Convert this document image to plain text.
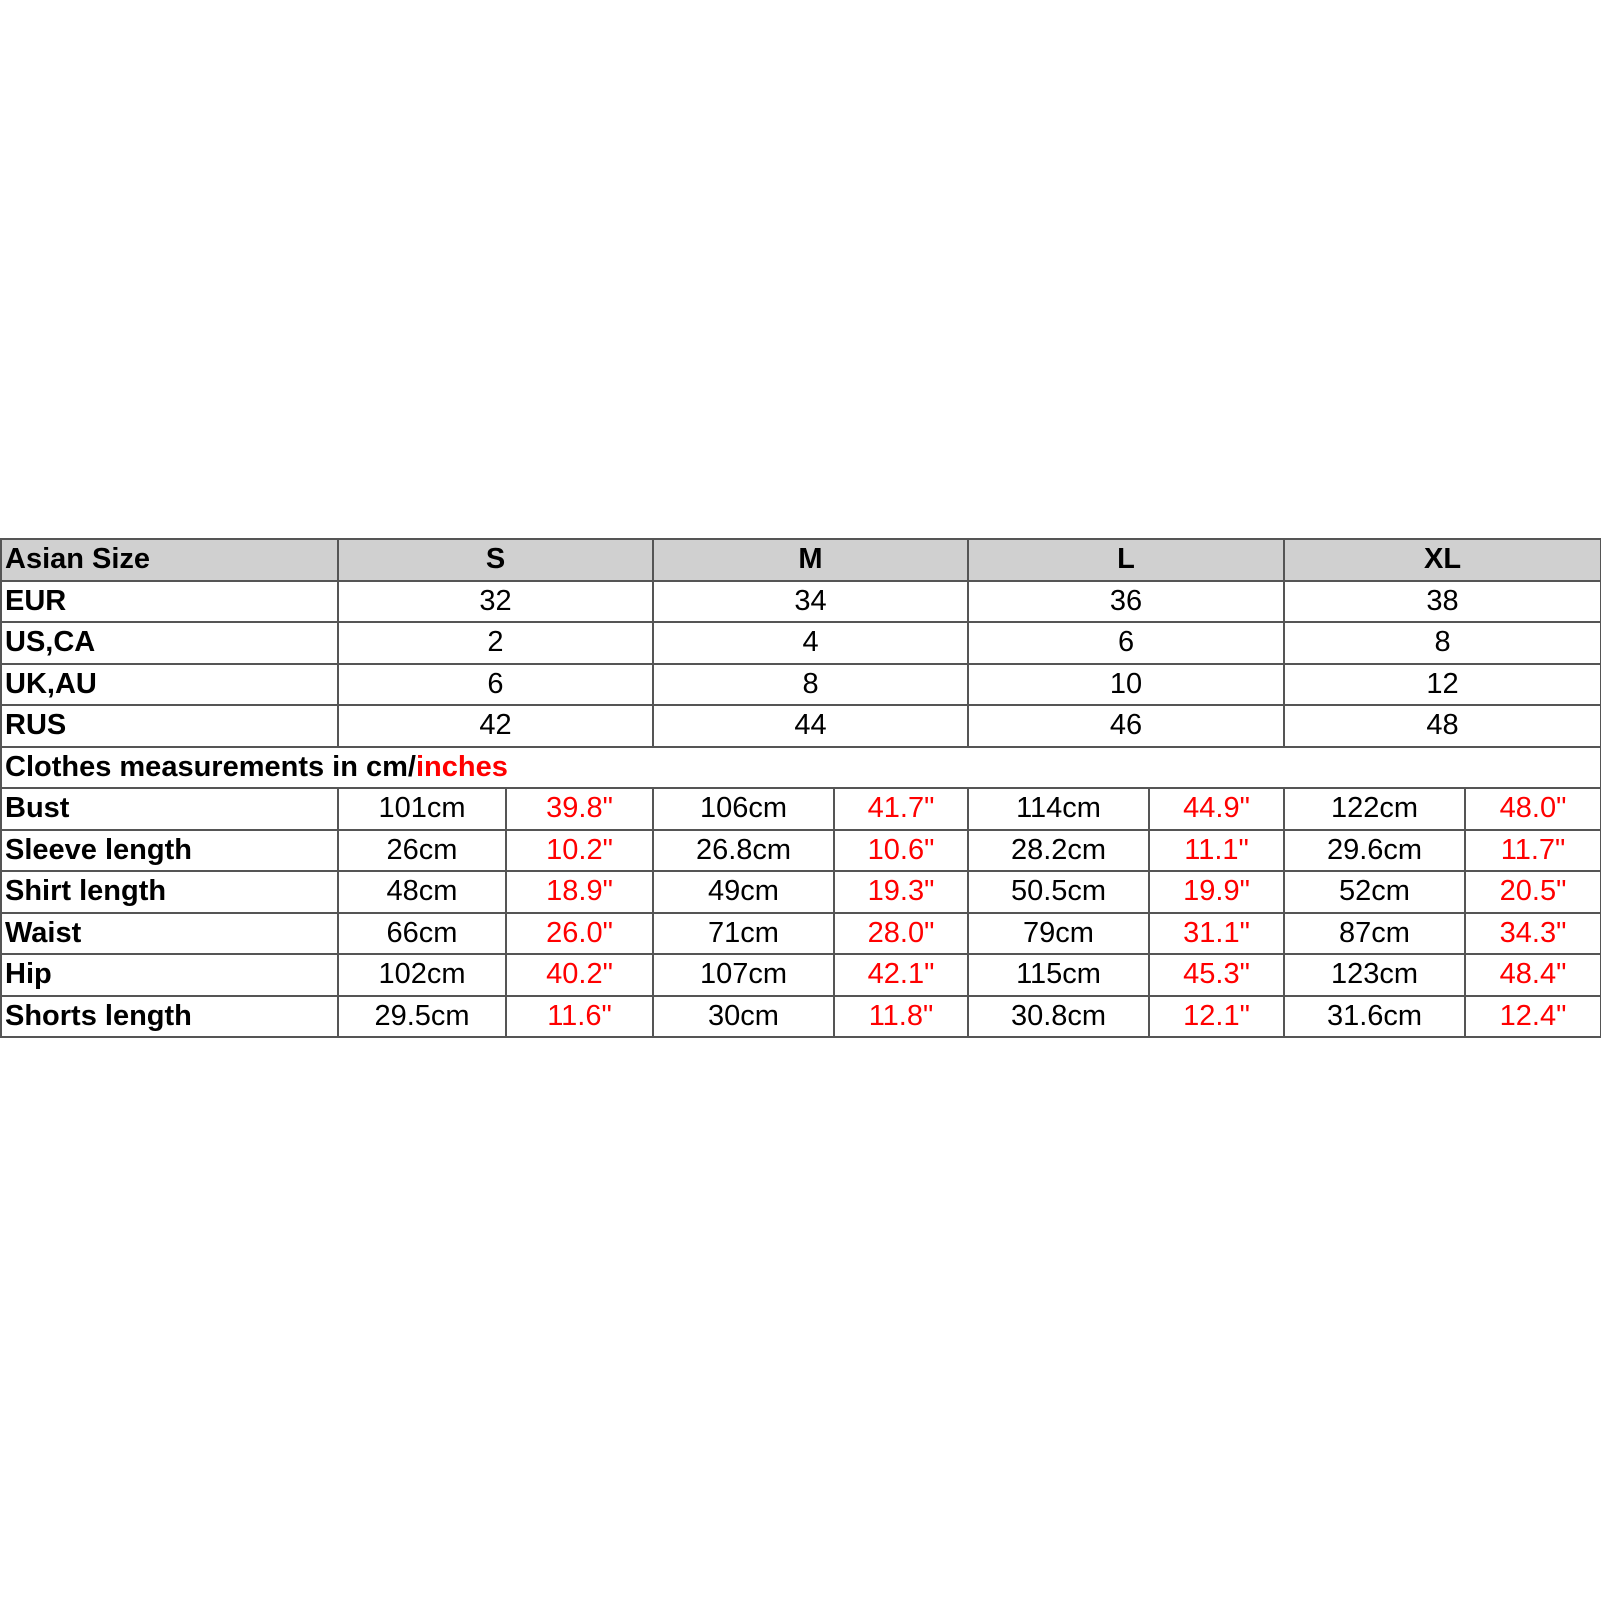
Asian Size	S		M		L		XL	
EUR	32		34		36		38	
US,CA	2		4		6		8	
UK,AU	6		8		10		12	
RUS	42		44		46		48	
Clothes measurements in cm/inches								
Bust	101cm	39.8"	106cm	41.7"	114cm	44.9"	122cm	48.0"
Sleeve length	26cm	10.2"	26.8cm	10.6"	28.2cm	11.1"	29.6cm	11.7"
Shirt length	48cm	18.9"	49cm	19.3"	50.5cm	19.9"	52cm	20.5"
Waist	66cm	26.0"	71cm	28.0"	79cm	31.1"	87cm	34.3"
Hip	102cm	40.2"	107cm	42.1"	115cm	45.3"	123cm	48.4"
Shorts length	29.5cm	11.6"	30cm	11.8"	30.8cm	12.1"	31.6cm	12.4"
